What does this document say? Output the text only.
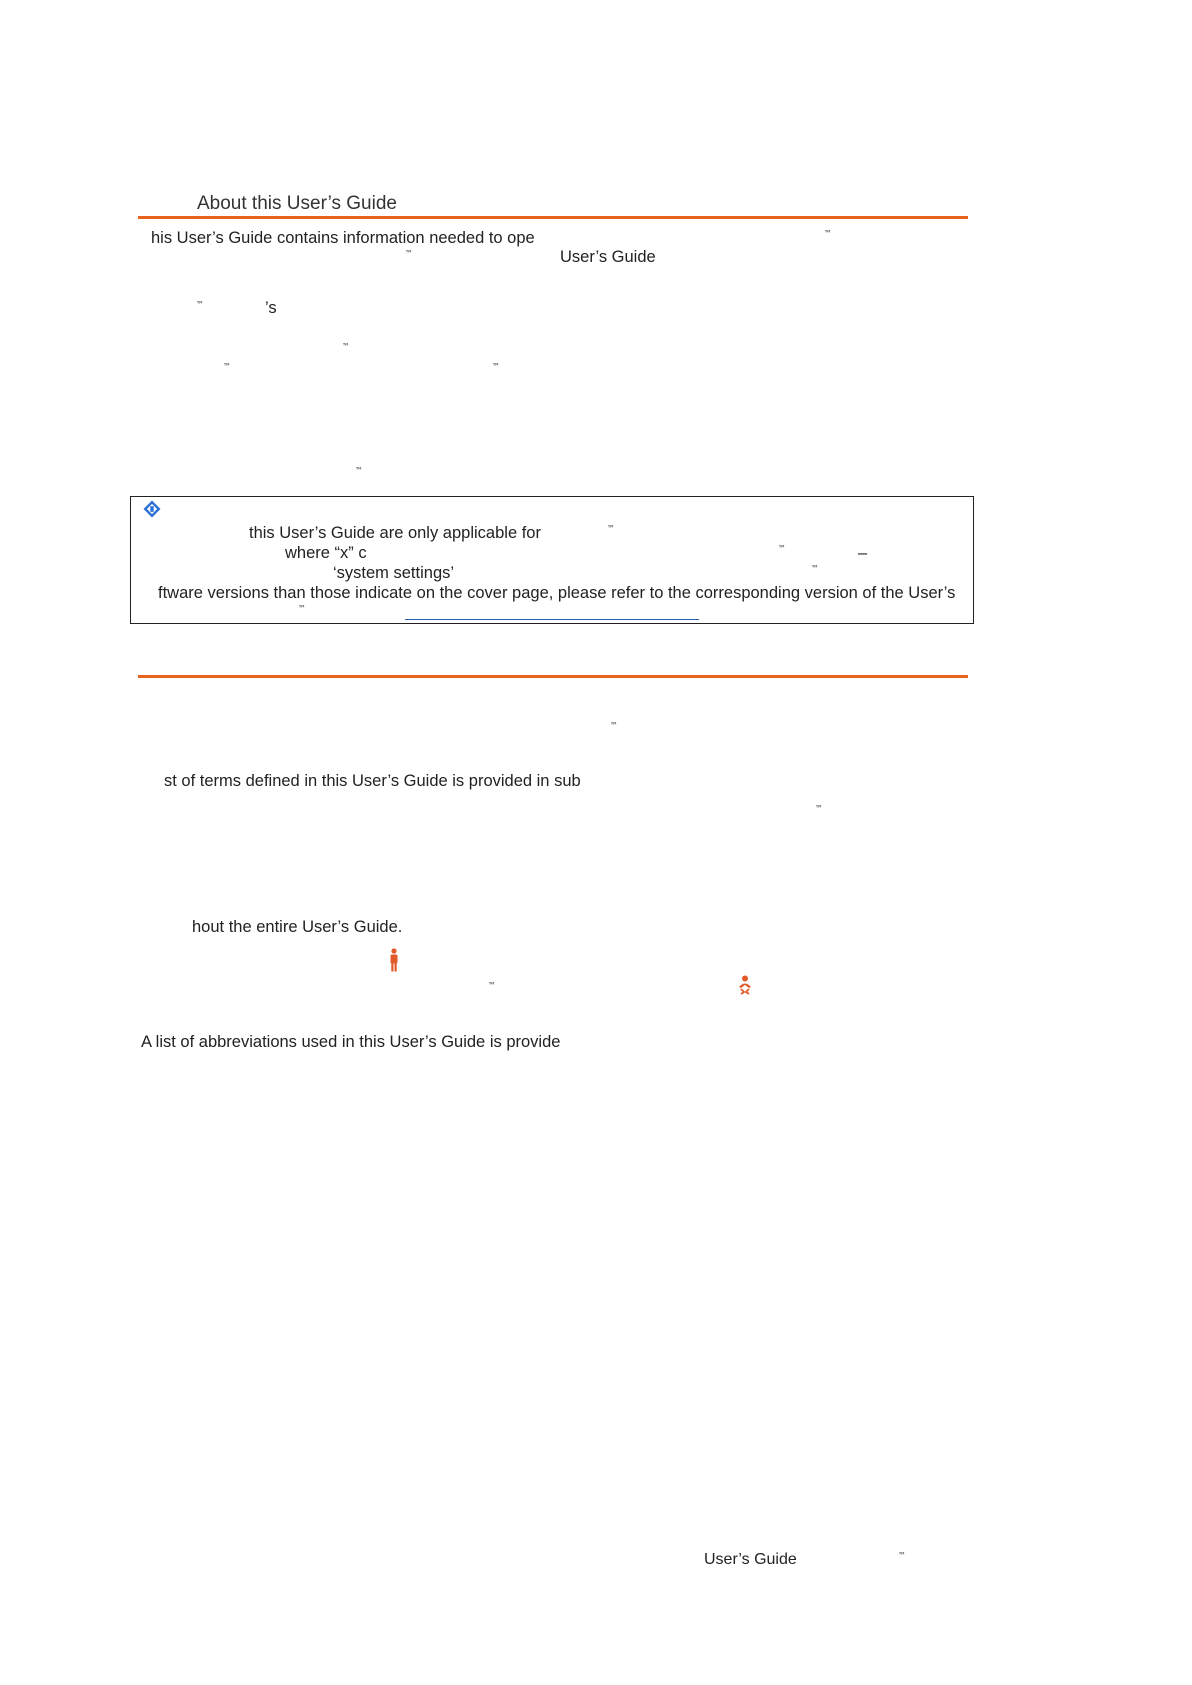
About this User’s Guide
his User’s Guide contains information needed to ope	™
™	User’s Guide
™	’s
™
™	™
™
this User’s Guide are only applicable for	™
where “x” c	™	–
‘system settings’	™
ftware versions than those indicate on the cover page, please refer to the corresponding version of the User’s
™
™
st of terms defined in this User’s Guide is provided in sub
™
hout the entire User’s Guide.
™
A list of abbreviations used in this User’s Guide is provide
User’s Guide	™
